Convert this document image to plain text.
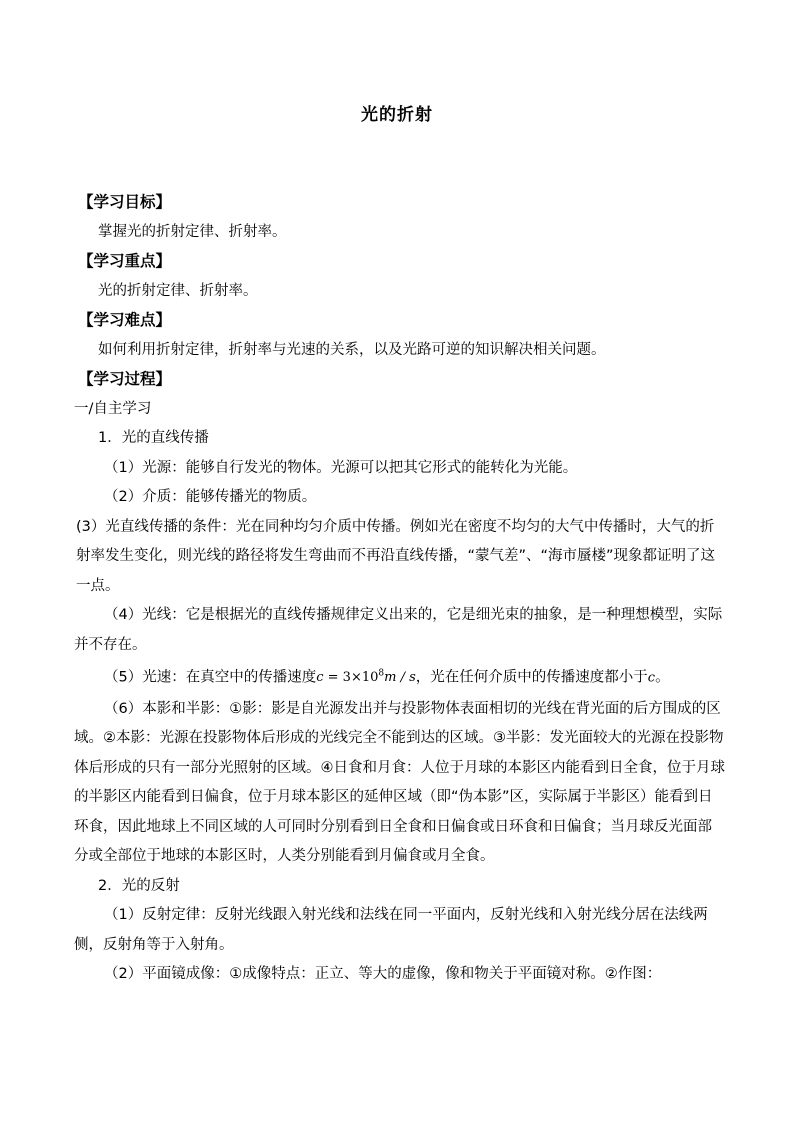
光的折射

【学习目标】

掌握光的折射定律、折射率。

【学习重点】

光的折射定律、折射率。

【学习难点】

如何利用折射定律，折射率与光速的关系，以及光路可逆的知识解决相关问题。

【学习过程】

一/自主学习

1．光的直线传播

（1）光源：能够自行发光的物体。光源可以把其它形式的能转化为光能。

（2）介质：能够传播光的物质。

(3）光直线传播的条件：光在同种均匀介质中传播。例如光在密度不均匀的大气中传播时，大气的折射率发生变化，则光线的路径将发生弯曲而不再沿直线传播，“蒙气差”、“海市蜃楼”现象都证明了这一点。

（4）光线：它是根据光的直线传播规律定义出来的，它是细光束的抽象，是一种理想模型，实际并不存在。

（5）光速：在真空中的传播速度$c = 3\times 10^8m / s$，光在任何介质中的传播速度都小于c。

（6）本影和半影：①影：影是自光源发出并与投影物体表面相切的光线在背光面的后方围成的区域。②本影：光源在投影物体后形成的光线完全不能到达的区域。③半影：发光面较大的光源在投影物体后形成的只有一部分光照射的区域。④日食和月食：人位于月球的本影区内能看到日全食，位于月球的半影区内能看到日偏食，位于月球本影区的延伸区域（即“伪本影”区，实际属于半影区）能看到日环食，因此地球上不同区域的人可同时分别看到日全食和日偏食或日环食和日偏食；当月球反光面部分或全部位于地球的本影区时，人类分别能看到月偏食或月全食。

2．光的反射

（1）反射定律：反射光线跟入射光线和法线在同一平面内，反射光线和入射光线分居在法线两侧，反射角等于入射角。

（2）平面镜成像：①成像特点：正立、等大的虚像，像和物关于平面镜对称。②作图：
